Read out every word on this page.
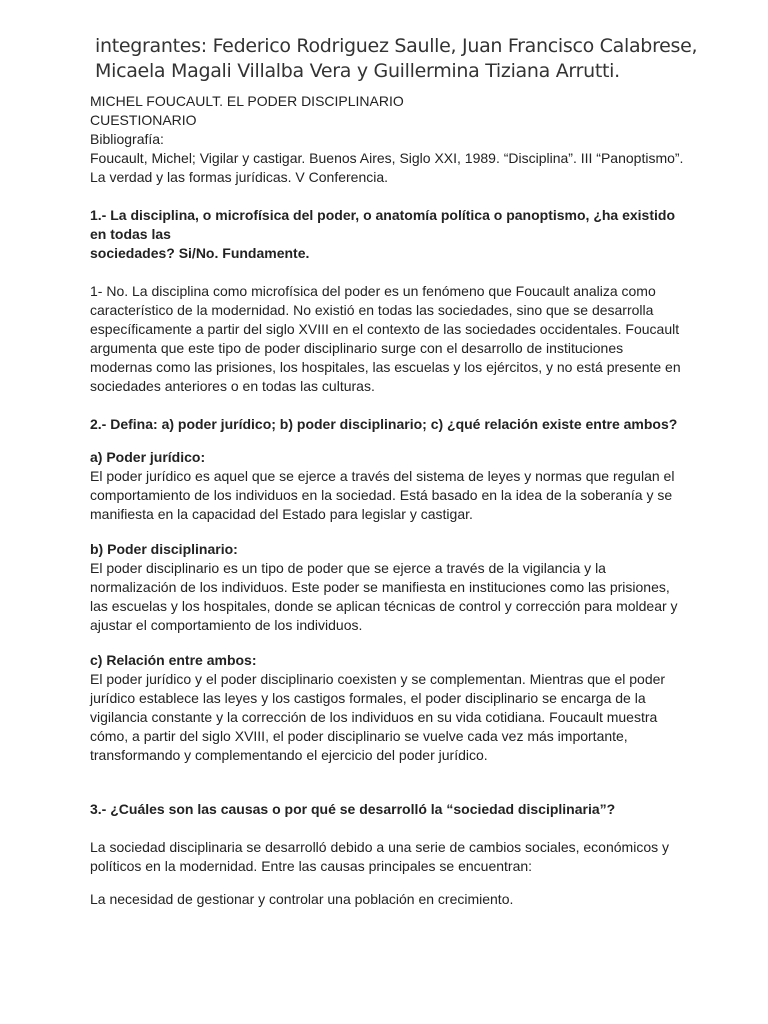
integrantes: Federico Rodriguez Saulle, Juan Francisco Calabrese,
Micaela Magali Villalba Vera y Guillermina Tiziana Arrutti.

MICHEL FOUCAULT. EL PODER DISCIPLINARIO

CUESTIONARIO

Bibliografía:

Foucault, Michel; Vigilar y castigar. Buenos Aires, Siglo XXI, 1989. “Disciplina”. III “Panoptismo”.

La verdad y las formas jurídicas. V Conferencia.

1.- La disciplina, o microfísica del poder, o anatomía política o panoptismo, ¿ha existido

en todas las

sociedades? Si/No. Fundamente.

1- No. La disciplina como microfísica del poder es un fenómeno que Foucault analiza como

característico de la modernidad. No existió en todas las sociedades, sino que se desarrolla

específicamente a partir del siglo XVIII en el contexto de las sociedades occidentales. Foucault

argumenta que este tipo de poder disciplinario surge con el desarrollo de instituciones

modernas como las prisiones, los hospitales, las escuelas y los ejércitos, y no está presente en

sociedades anteriores o en todas las culturas.

2.- Defina: a) poder jurídico; b) poder disciplinario; c) ¿qué relación existe entre ambos?

a) Poder jurídico:

El poder jurídico es aquel que se ejerce a través del sistema de leyes y normas que regulan el

comportamiento de los individuos en la sociedad. Está basado en la idea de la soberanía y se

manifiesta en la capacidad del Estado para legislar y castigar.

b) Poder disciplinario:

El poder disciplinario es un tipo de poder que se ejerce a través de la vigilancia y la

normalización de los individuos. Este poder se manifiesta en instituciones como las prisiones,

las escuelas y los hospitales, donde se aplican técnicas de control y corrección para moldear y

ajustar el comportamiento de los individuos.

c) Relación entre ambos:

El poder jurídico y el poder disciplinario coexisten y se complementan. Mientras que el poder

jurídico establece las leyes y los castigos formales, el poder disciplinario se encarga de la

vigilancia constante y la corrección de los individuos en su vida cotidiana. Foucault muestra

cómo, a partir del siglo XVIII, el poder disciplinario se vuelve cada vez más importante,

transformando y complementando el ejercicio del poder jurídico.

3.- ¿Cuáles son las causas o por qué se desarrolló la “sociedad disciplinaria”?

La sociedad disciplinaria se desarrolló debido a una serie de cambios sociales, económicos y

políticos en la modernidad. Entre las causas principales se encuentran:

La necesidad de gestionar y controlar una población en crecimiento.
